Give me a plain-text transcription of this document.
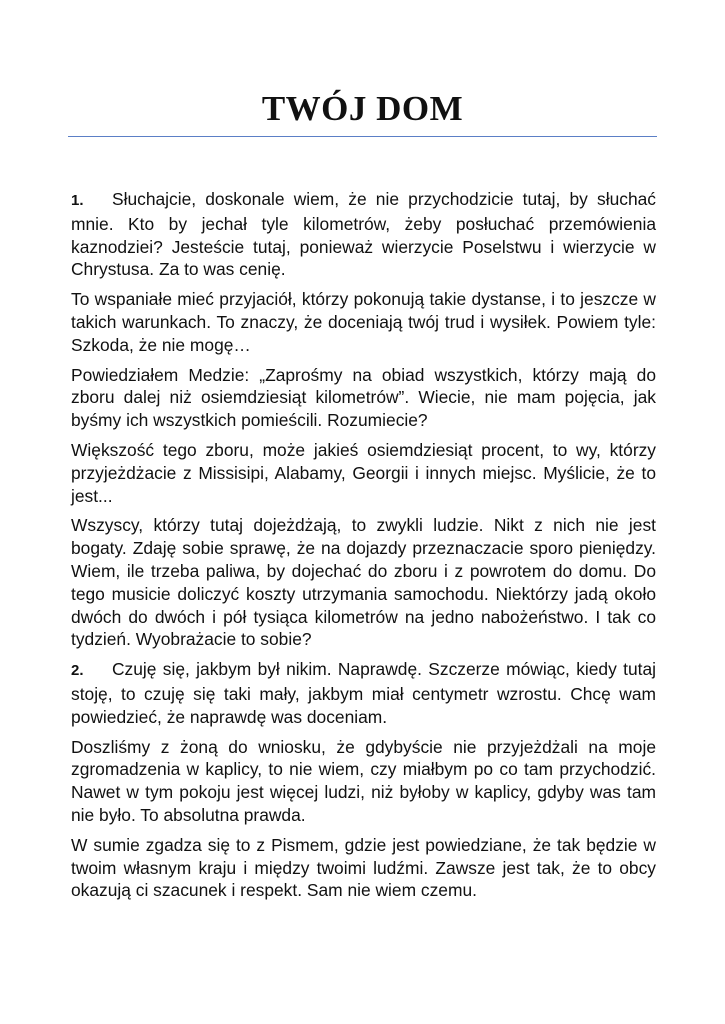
TWÓJ DOM

1. Słuchajcie, doskonale wiem, że nie przychodzicie tutaj, by słuchać mnie. Kto by jechał tyle kilometrów, żeby posłuchać przemówienia kaznodziei? Jesteście tutaj, ponieważ wierzycie Poselstwu i wierzycie w Chrystusa. Za to was cenię.

To wspaniałe mieć przyjaciół, którzy pokonują takie dystanse, i to jeszcze w takich warunkach. To znaczy, że doceniają twój trud i wysiłek. Powiem tyle: Szkoda, że nie mogę…

Powiedziałem Medzie: „Zaprośmy na obiad wszystkich, którzy mają do zboru dalej niż osiemdziesiąt kilometrów”. Wiecie, nie mam pojęcia, jak byśmy ich wszystkich pomieścili. Rozumiecie?

Większość tego zboru, może jakieś osiemdziesiąt procent, to wy, którzy przyjeżdżacie z Missisipi, Alabamy, Georgii i innych miejsc. Myślicie, że to jest...

Wszyscy, którzy tutaj dojeżdżają, to zwykli ludzie. Nikt z nich nie jest bogaty. Zdaję sobie sprawę, że na dojazdy przeznaczacie sporo pieniędzy. Wiem, ile trzeba paliwa, by dojechać do zboru i z powrotem do domu. Do tego musicie doliczyć koszty utrzymania samochodu. Niektórzy jadą około dwóch do dwóch i pół tysiąca kilometrów na jedno nabożeństwo. I tak co tydzień. Wyobrażacie to sobie?

2. Czuję się, jakbym był nikim. Naprawdę. Szczerze mówiąc, kiedy tutaj stoję, to czuję się taki mały, jakbym miał centymetr wzrostu. Chcę wam powiedzieć, że naprawdę was doceniam.

Doszliśmy z żoną do wniosku, że gdybyście nie przyjeżdżali na moje zgromadzenia w kaplicy, to nie wiem, czy miałbym po co tam przychodzić. Nawet w tym pokoju jest więcej ludzi, niż byłoby w kaplicy, gdyby was tam nie było. To absolutna prawda.

W sumie zgadza się to z Pismem, gdzie jest powiedziane, że tak będzie w twoim własnym kraju i między twoimi ludźmi. Zawsze jest tak, że to obcy okazują ci szacunek i respekt. Sam nie wiem czemu.
